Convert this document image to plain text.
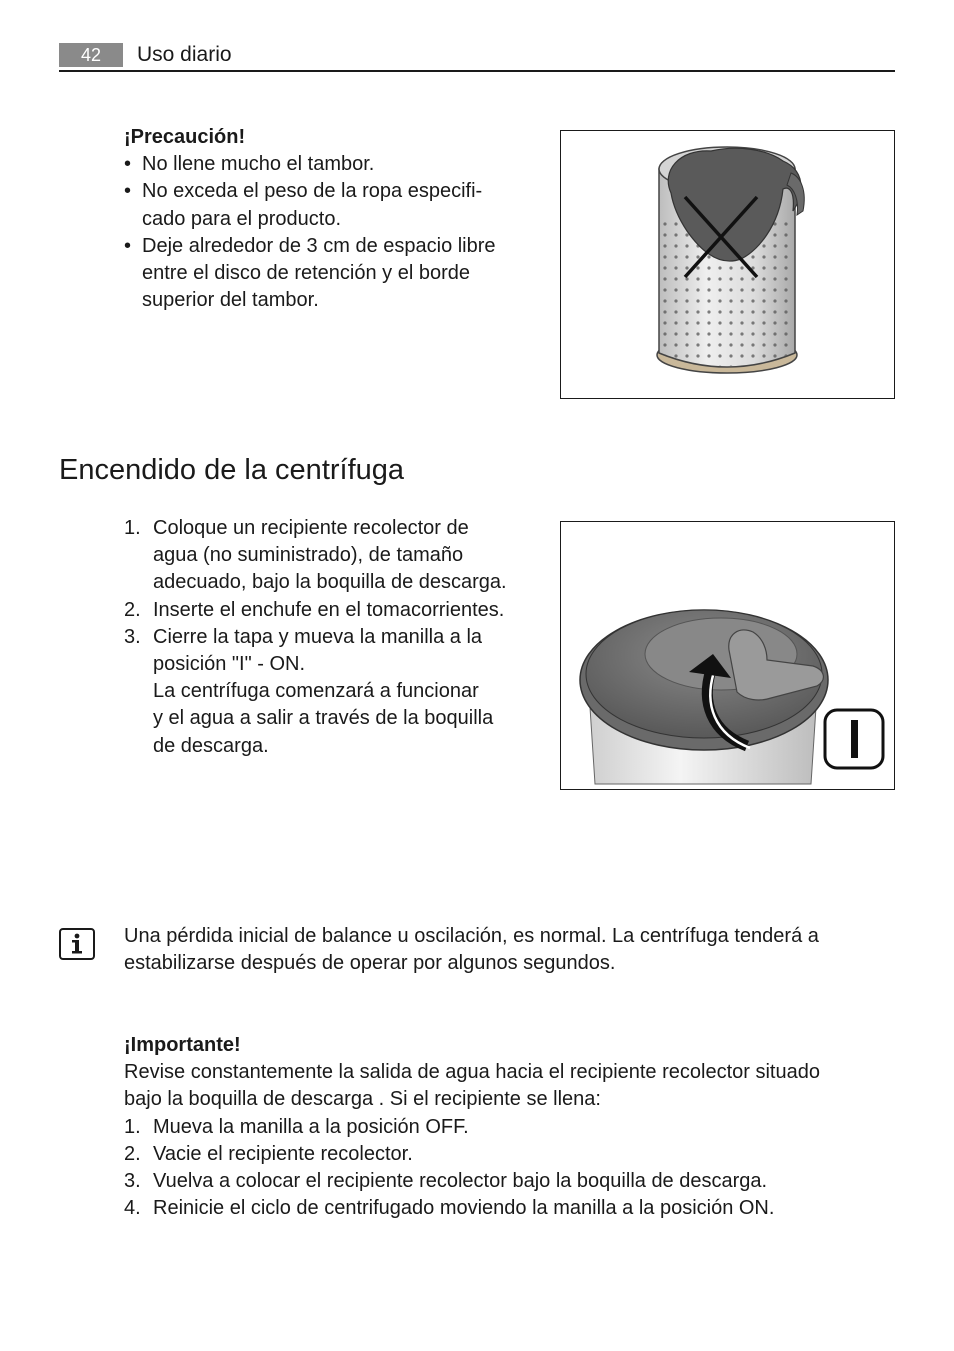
42	Uso diario
¡Precaución!
• No llene mucho el tambor.
• No exceda el peso de la ropa especifi-
cado para el producto.
• Deje alrededor de 3 cm de espacio libre
entre el disco de retención y el borde
superior del tambor.
Encendido de la centrífuga
1. Coloque un recipiente recolector de
agua (no suministrado), de tamaño
adecuado, bajo la boquilla de descarga.
2. Inserte el enchufe en el tomacorrientes.
3. Cierre la tapa y mueva la manilla a la
posición "I" - ON.
La centrífuga comenzará a funcionar
y el agua a salir a través de la boquilla
de descarga.
Una pérdida inicial de balance u oscilación, es normal. La centrífuga tenderá a
estabilizarse después de operar por algunos segundos.
¡Importante!
Revise constantemente la salida de agua hacia el recipiente recolector situado
bajo la boquilla de descarga . Si el recipiente se llena:
1. Mueva la manilla a la posición OFF.
2. Vacie el recipiente recolector.
3. Vuelva a colocar el recipiente recolector bajo la boquilla de descarga.
4. Reinicie el ciclo de centrifugado moviendo la manilla a la posición ON.
